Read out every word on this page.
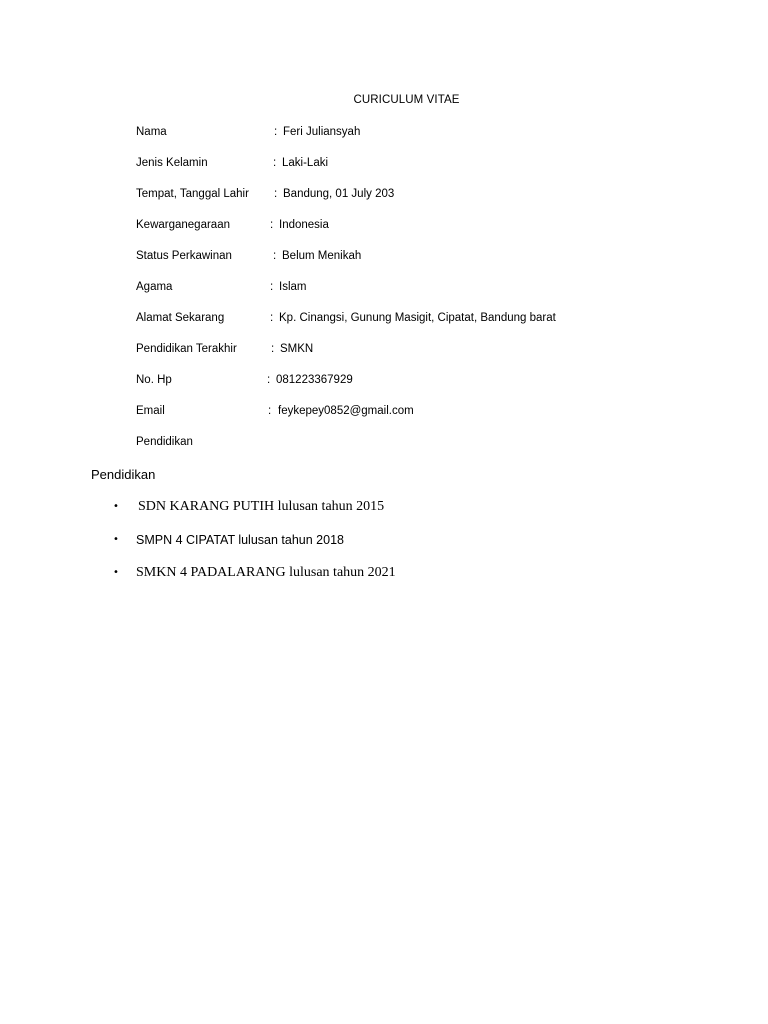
CURICULUM VITAE
Nama	: Feri Juliansyah
Jenis Kelamin	: Laki-Laki
Tempat, Tanggal Lahir : Bandung, 01 July 203
Kewarganegaraan	: Indonesia
Status Perkawinan	: Belum Menikah
Agama	: Islam
Alamat Sekarang	: Kp. Cinangsi, Gunung Masigit, Cipatat, Bandung barat
Pendidikan Terakhir	: SMKN
No. Hp	: 081223367929
Email	: feykepey0852@gmail.com
Pendidikan
Pendidikan
• SDN KARANG PUTIH lulusan tahun 2015
• SMPN 4 CIPATAT lulusan tahun 2018
• SMKN 4 PADALARANG lulusan tahun 2021
